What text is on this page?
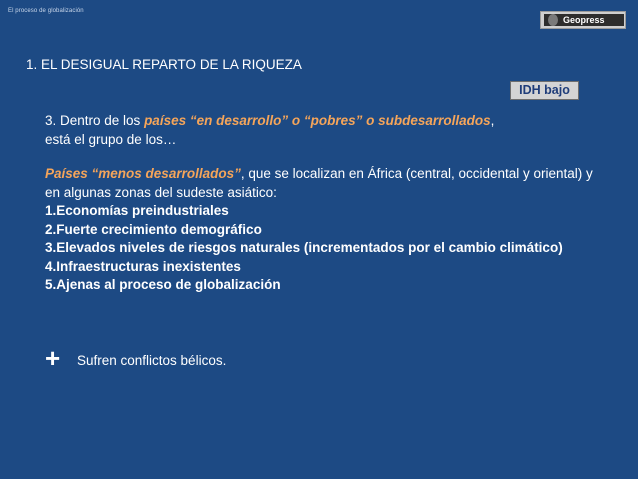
El proceso de globalización
Geopress
1. EL DESIGUAL REPARTO DE LA RIQUEZA
IDH bajo
3. Dentro de los países “en desarrollo” o “pobres” o subdesarrollados,
está el grupo de los…
Países “menos desarrollados”, que se localizan en África (central, occidental y oriental) y en algunas zonas del sudeste asiático:
1.Economías preindustriales
2.Fuerte crecimiento demográfico
3.Elevados niveles de riesgos naturales (incrementados por el cambio climático)
4.Infraestructuras inexistentes
5.Ajenas al proceso de globalización
+ Sufren conflictos bélicos.
